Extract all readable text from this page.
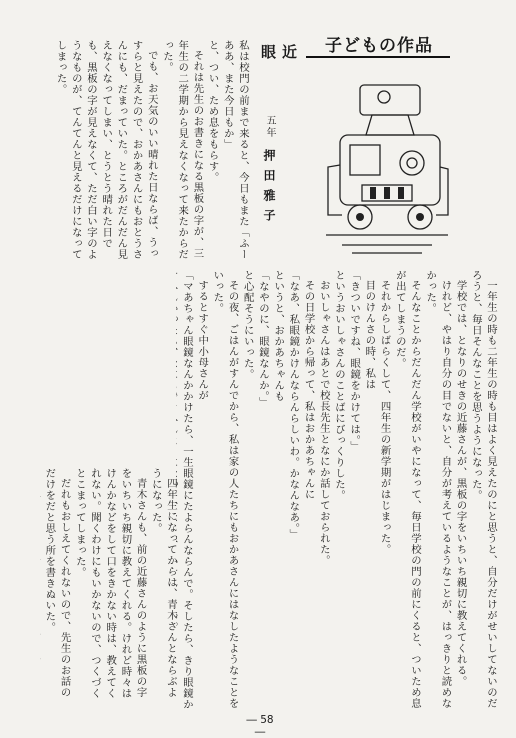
子どもの作品
近　眼
五年押田雅子

私は校門の前まで来ると、今日もまた「ふーああ、また今日もか」

と、つい、ため息をもらす。

それは先生のお書きになる黒板の字が、三年生の二学期から見えなくなって来たからだった。

でも、お天気のいい晴れた日ならば、うっすらと見えたので、おかあさんにもおとうさんにも、だまっていた。ところがだんだん見えなくなってしまい、とうとう晴れた日でも、黒板の字が見えなくて、ただ白い字のようなものが、てんてんと見えるだけになってしまった。

一年生の時も二年生の時も目はよく見えたのにと思うと、自分だけがせいしてないのだろうと、毎日そんなことを思うようになった。

学校では、となりのせきの近藤さんが、黒板の字をいちいち親切に教えてくれる。

けれど、やはり自分の目でないと、自分が考えているようなことが、はっきりと読めなかった。

そんなことからだんだん学校がいやになって、毎日学校の門の前にくると、ついため息が出てしまうのだ。

それからしばらくして、四年生の新学期がはじまった。

目のけんさの時、私は

「きついですね、眼鏡をかけては。」

というおいしゃさんのことばにびっくりした。

おいしゃさんはあとで校長先生となにか話しておられた。

その日学校から帰って、私はおかあちゃんに

「なあ、私眼鏡かけんならんらしいわ。かなんなあ。」

というと、おかあちゃんも

「なやのに、眼鏡なんか。」

と心配そうにいった。

その夜、ごはんがすんでから、私は家の人たちにもおかあさんにはなしたようなことをいった。

するとすぐ中小母さんが

「マあちゃん眼鏡なんかかけたら、一生眼鏡にたよらんならんで。そしたら、きり眼鏡か

四年生になってからは、青木さんとならぶようになった。

青木さんも、前の近藤さんのように黒板の字をいちいち親切に教えてくれる。けれど時々はけんかなどをして口をきかない時は、教えてくれない。聞くわけにもいかないので、つくづくとこまってしまった。

だれもおしえてくれないので、先生のお話のだけをだと思う所を書きぬいた。

― 58 ―
